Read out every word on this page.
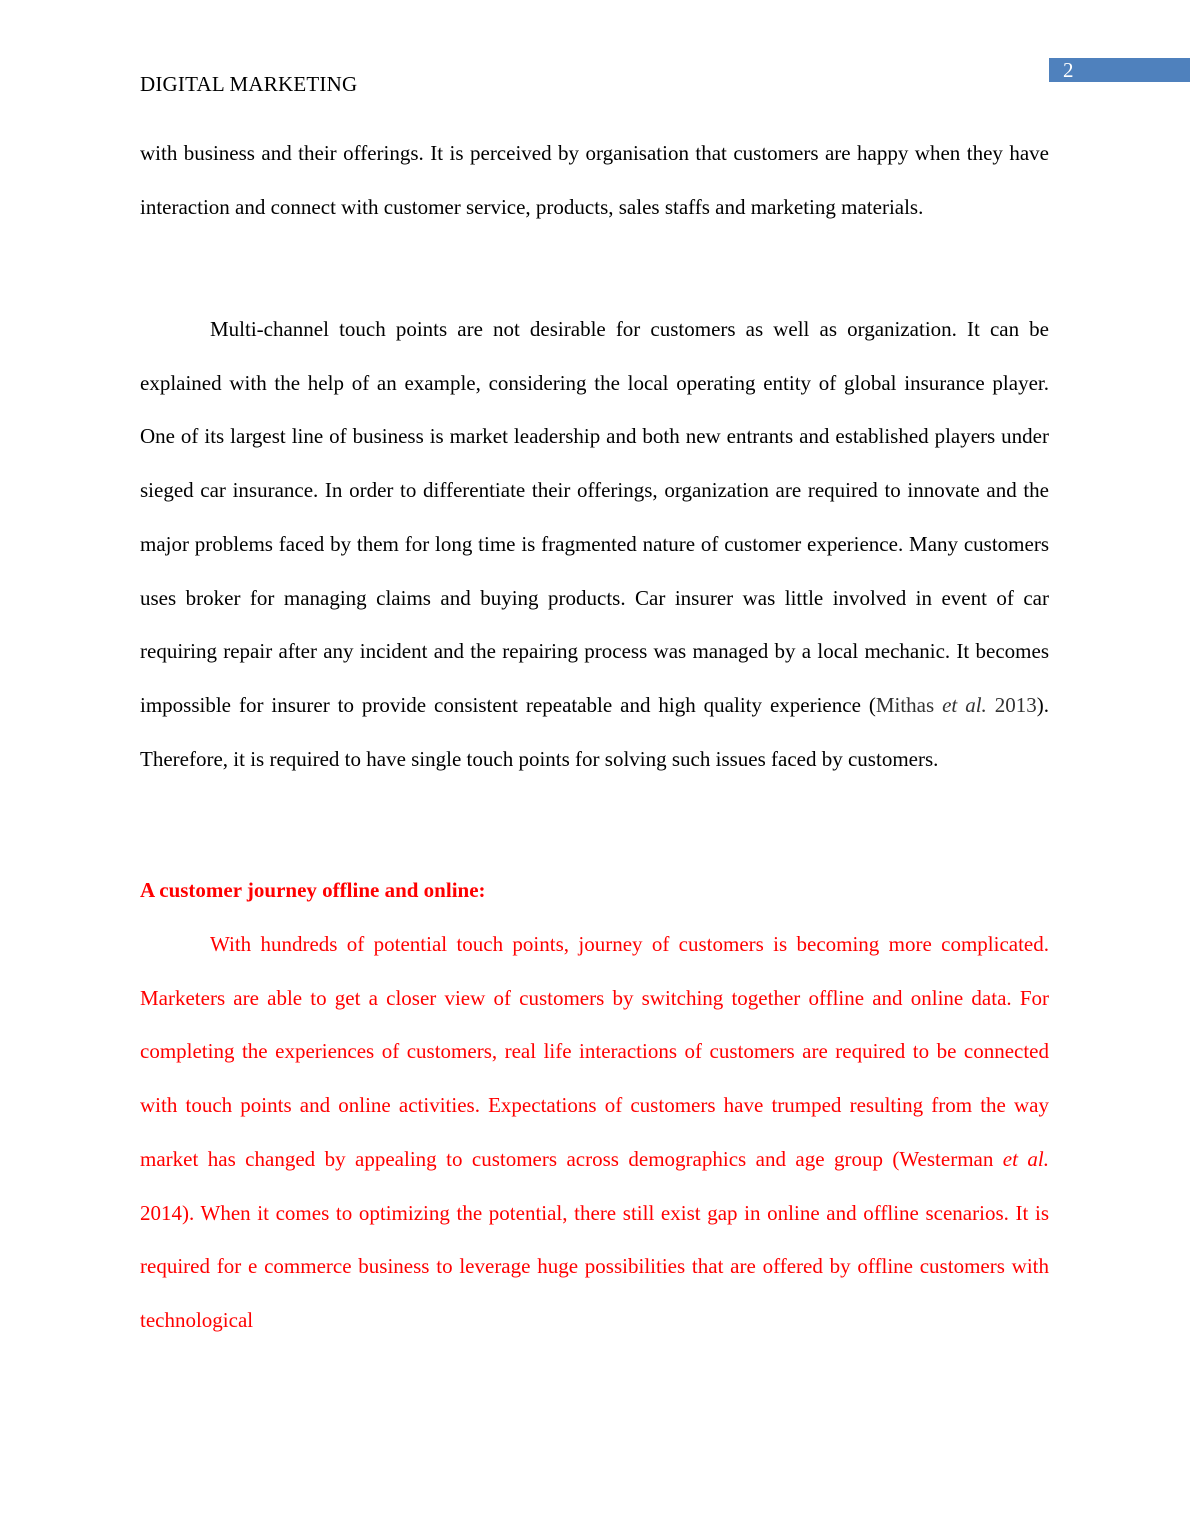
2
DIGITAL MARKETING

with business and their offerings. It is perceived by organisation that customers are happy when they have interaction and connect with customer service, products, sales staffs and marketing materials.

Multi-channel touch points are not desirable for customers as well as organization. It can be explained with the help of an example, considering the local operating entity of global insurance player. One of its largest line of business is market leadership and both new entrants and established players under sieged car insurance. In order to differentiate their offerings, organization are required to innovate and the major problems faced by them for long time is fragmented nature of customer experience. Many customers uses broker for managing claims and buying products. Car insurer was little involved in event of car requiring repair after any incident and the repairing process was managed by a local mechanic. It becomes impossible for insurer to provide consistent repeatable and high quality experience (Mithas et al. 2013). Therefore, it is required to have single touch points for solving such issues faced by customers.

A customer journey offline and online:

With hundreds of potential touch points, journey of customers is becoming more complicated. Marketers are able to get a closer view of customers by switching together offline and online data. For completing the experiences of customers, real life interactions of customers are required to be connected with touch points and online activities. Expectations of customers have trumped resulting from the way market has changed by appealing to customers across demographics and age group (Westerman et al. 2014). When it comes to optimizing the potential, there still exist gap in online and offline scenarios. It is required for e commerce business to leverage huge possibilities that are offered by offline customers with technological
